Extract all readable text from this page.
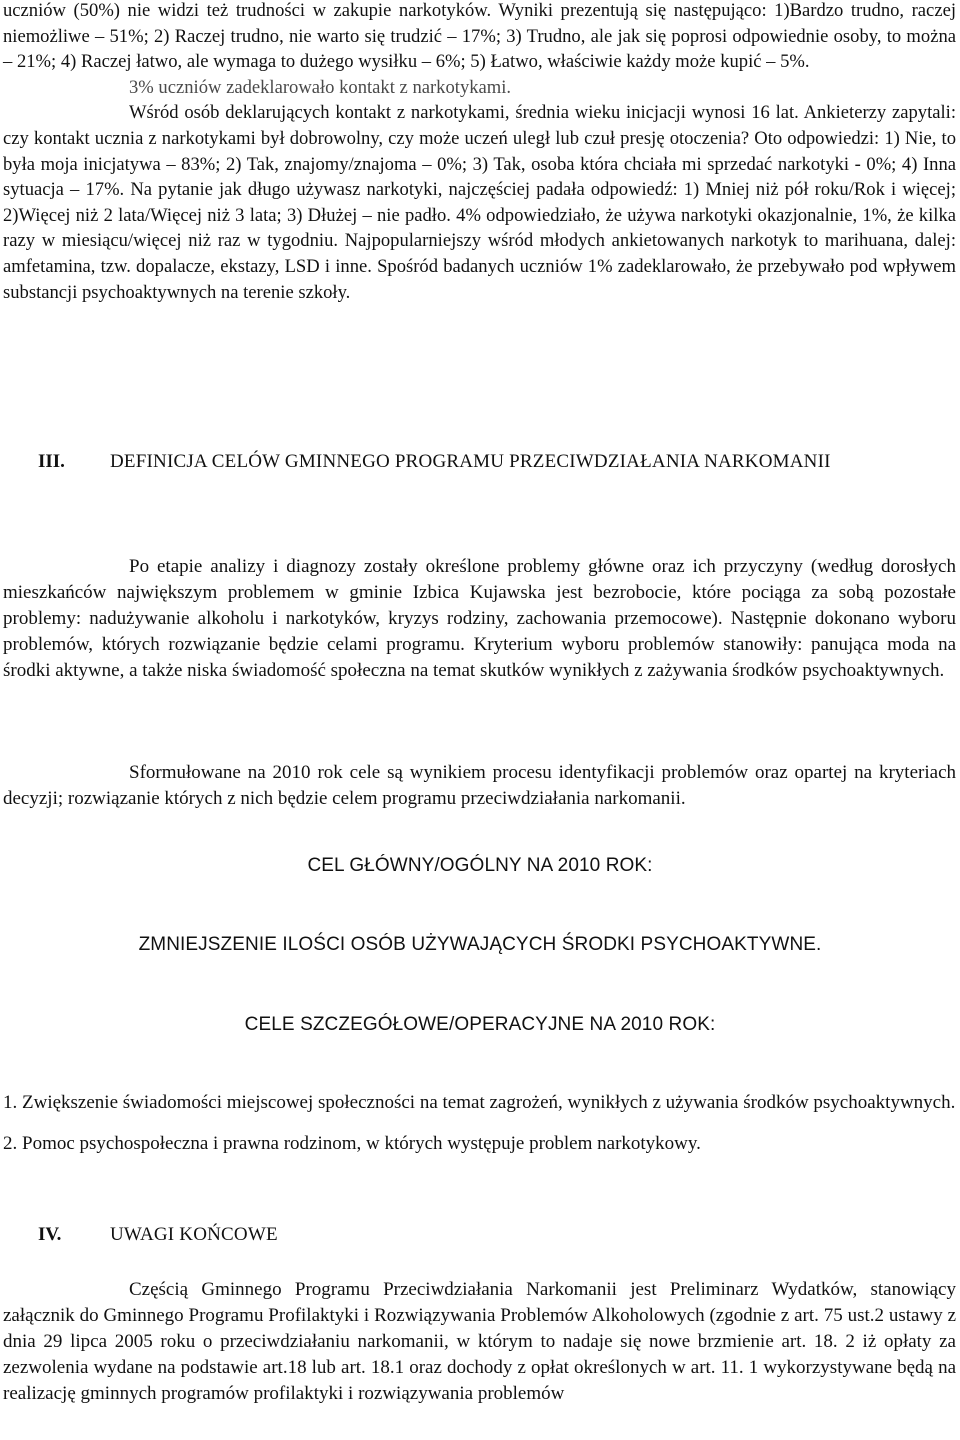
uczniów (50%) nie widzi też trudności w zakupie narkotyków. Wyniki prezentują się następująco: 1)Bardzo trudno, raczej niemożliwe – 51%; 2) Raczej trudno, nie warto się trudzić – 17%; 3) Trudno, ale jak się poprosi odpowiednie osoby, to można – 21%; 4) Raczej łatwo, ale wymaga to dużego wysiłku – 6%; 5) Łatwo, właściwie każdy może kupić – 5%.

3% uczniów zadeklarowało kontakt z narkotykami.

Wśród osób deklarujących kontakt z narkotykami, średnia wieku inicjacji wynosi 16 lat. Ankieterzy zapytali: czy kontakt ucznia z narkotykami był dobrowolny, czy może uczeń uległ lub czuł presję otoczenia? Oto odpowiedzi: 1) Nie, to była moja inicjatywa – 83%; 2) Tak, znajomy/znajoma – 0%; 3) Tak, osoba która chciała mi sprzedać narkotyki - 0%; 4) Inna sytuacja – 17%. Na pytanie jak długo używasz narkotyki, najczęściej padała odpowiedź: 1) Mniej niż pół roku/Rok i więcej; 2)Więcej niż 2 lata/Więcej niż 3 lata; 3) Dłużej – nie padło. 4% odpowiedziało, że używa narkotyki okazjonalnie, 1%, że kilka razy w miesiącu/więcej niż raz w tygodniu. Najpopularniejszy wśród młodych ankietowanych narkotyk to marihuana, dalej: amfetamina, tzw. dopalacze, ekstazy, LSD i inne. Spośród badanych uczniów 1% zadeklarowało, że przebywało pod wpływem substancji psychoaktywnych na terenie szkoły.

III. DEFINICJA CELÓW GMINNEGO PROGRAMU PRZECIWDZIAŁANIA NARKOMANII

Po etapie analizy i diagnozy zostały określone problemy główne oraz ich przyczyny (według dorosłych mieszkańców największym problemem w gminie Izbica Kujawska jest bezrobocie, które pociąga za sobą pozostałe problemy: nadużywanie alkoholu i narkotyków, kryzys rodziny, zachowania przemocowe). Następnie dokonano wyboru problemów, których rozwiązanie będzie celami programu. Kryterium wyboru problemów stanowiły: panująca moda na środki aktywne, a także niska świadomość społeczna na temat skutków wynikłych z zażywania środków psychoaktywnych.

Sformułowane na 2010 rok cele są wynikiem procesu identyfikacji problemów oraz opartej na kryteriach decyzji; rozwiązanie których z nich będzie celem programu przeciwdziałania narkomanii.

CEL GŁÓWNY/OGÓLNY NA 2010 ROK:
ZMNIEJSZENIE ILOŚCI OSÓB UŻYWAJĄCYCH ŚRODKI PSYCHOAKTYWNE.
CELE SZCZEGÓŁOWE/OPERACYJNE NA 2010 ROK:

1. Zwiększenie świadomości miejscowej społeczności na temat zagrożeń, wynikłych z używania środków psychoaktywnych.

2. Pomoc psychospołeczna i prawna rodzinom, w których występuje problem narkotykowy.

IV.	UWAGI KOŃCOWE

Częścią Gminnego Programu Przeciwdziałania Narkomanii jest Preliminarz Wydatków, stanowiący załącznik do Gminnego Programu Profilaktyki i Rozwiązywania Problemów Alkoholowych (zgodnie z art. 75 ust.2 ustawy z dnia 29 lipca 2005 roku o przeciwdziałaniu narkomanii, w którym to nadaje się nowe brzmienie art. 18. 2 iż opłaty za zezwolenia wydane na podstawie art.18 lub art. 18.1 oraz dochody z opłat określonych w art. 11. 1 wykorzystywane będą na realizację gminnych programów profilaktyki i rozwiązywania problemów
